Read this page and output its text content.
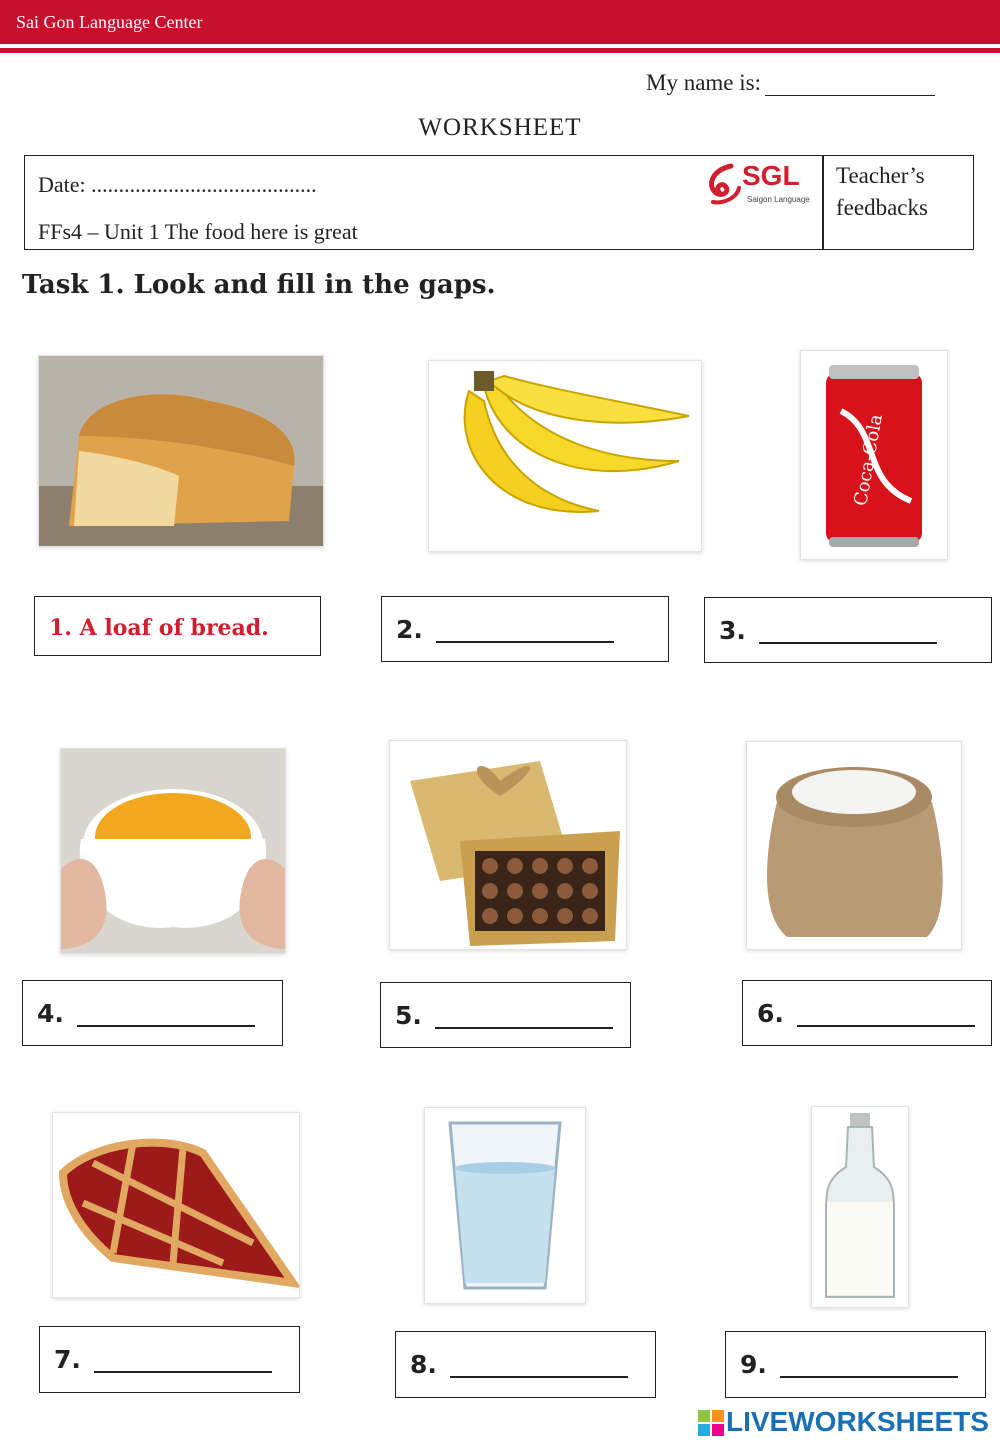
Sai Gon Language Center
My name is:
WORKSHEET
Date: .........................................
FFs4 – Unit 1 The food here is great
Teacher’s feedbacks
SGL
Saigon Language
Task 1. Look and fill in the gaps.
Coca-Cola
1. A loaf of bread.	2.	3.
4.	5.	6.
7.	8.	9.
LIVEWORKSHEETS
